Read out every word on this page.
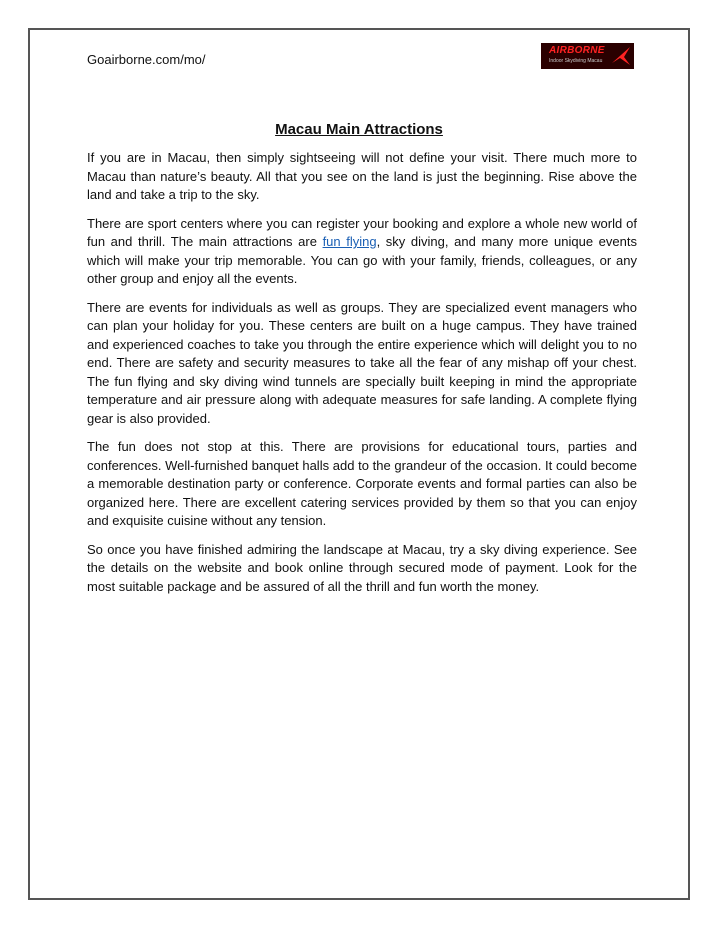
Goairborne.com/mo/
AIRBORNE
Indoor Skydiving Macau
Macau Main Attractions

If you are in Macau, then simply sightseeing will not define your visit. There much more to Macau than nature’s beauty. All that you see on the land is just the beginning. Rise above the land and take a trip to the sky.

There are sport centers where you can register your booking and explore a whole new world of fun and thrill. The main attractions are fun flying, sky diving, and many more unique events which will make your trip memorable. You can go with your family, friends, colleagues, or any other group and enjoy all the events.

There are events for individuals as well as groups. They are specialized event managers who can plan your holiday for you. These centers are built on a huge campus. They have trained and experienced coaches to take you through the entire experience which will delight you to no end. There are safety and security measures to take all the fear of any mishap off your chest. The fun flying and sky diving wind tunnels are specially built keeping in mind the appropriate temperature and air pressure along with adequate measures for safe landing. A complete flying gear is also provided.

The fun does not stop at this. There are provisions for educational tours, parties and conferences. Well-furnished banquet halls add to the grandeur of the occasion. It could become a memorable destination party or conference. Corporate events and formal parties can also be organized here. There are excellent catering services provided by them so that you can enjoy and exquisite cuisine without any tension.

So once you have finished admiring the landscape at Macau, try a sky diving experience. See the details on the website and book online through secured mode of payment. Look for the most suitable package and be assured of all the thrill and fun worth the money.
